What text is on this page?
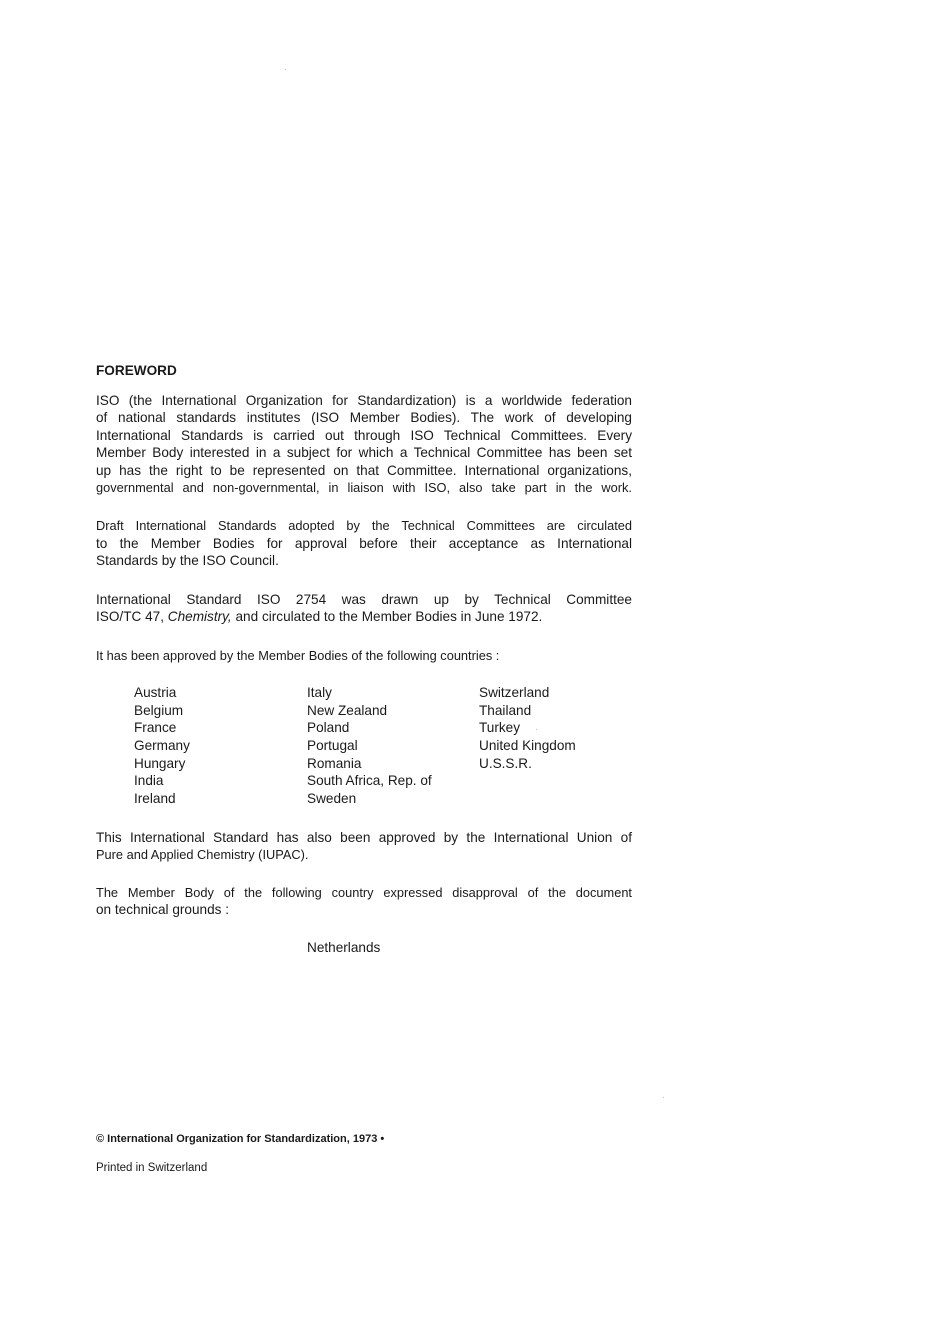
FOREWORD
ISO (the International Organization for Standardization) is a worldwide federation
of national standards institutes (ISO Member Bodies). The work of developing
International Standards is carried out through ISO Technical Committees. Every
Member Body interested in a subject for which a Technical Committee has been set
up has the right to be represented on that Committee. International organizations,
governmental and non-governmental, in liaison with ISO, also take part in the work.
Draft International Standards adopted by the Technical Committees are circulated
to the Member Bodies for approval before their acceptance as International
Standards by the ISO Council.
International Standard ISO 2754 was drawn up by Technical Committee
ISO/TC 47, Chemistry, and circulated to the Member Bodies in June 1972.
It has been approved by the Member Bodies of the following countries :
Austria
Belgium
France
Germany
Hungary
India
Ireland
Italy
New Zealand
Poland
Portugal
Romania
South Africa, Rep. of
Sweden
Switzerland
Thailand
Turkey
United Kingdom
U.S.S.R.
This International Standard has also been approved by the International Union of
Pure and Applied Chemistry (IUPAC).
The Member Body of the following country expressed disapproval of the document
on technical grounds :
Netherlands
© International Organization for Standardization, 1973 •
Printed in Switzerland
